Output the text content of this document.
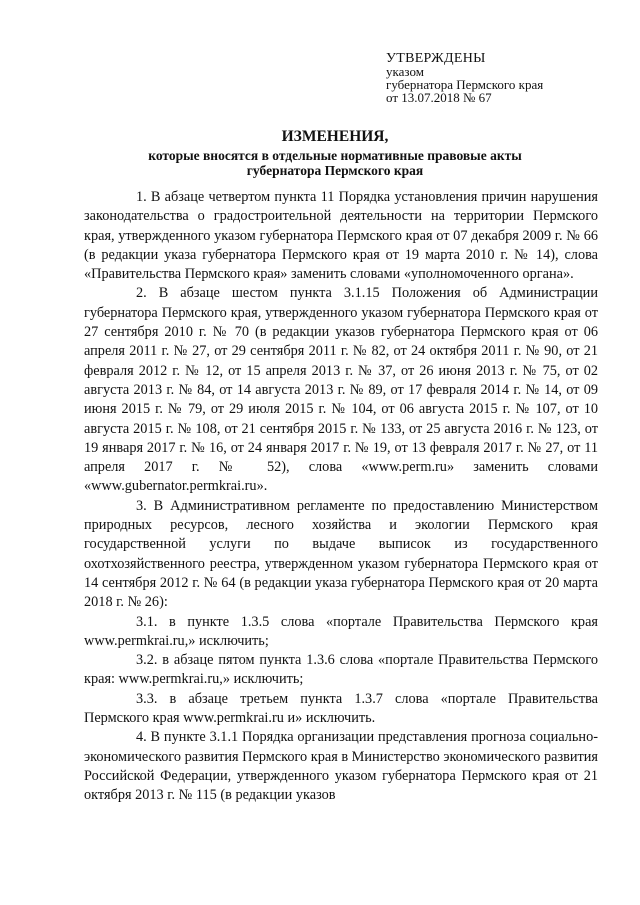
УТВЕРЖДЕНЫ
указом
губернатора Пермского края
от 13.07.2018 № 67
ИЗМЕНЕНИЯ,
которые вносятся в отдельные нормативные правовые акты
губернатора Пермского края

1. В абзаце четвертом пункта 11 Порядка установления причин нарушения законодательства о градостроительной деятельности на территории Пермского края, утвержденного указом губернатора Пермского края от 07 декабря 2009 г. № 66 (в редакции указа губернатора Пермского края от 19 марта 2010 г. № 14), слова «Правительства Пермского края» заменить словами «уполномоченного органа».

2. В абзаце шестом пункта 3.1.15 Положения об Администрации губернатора Пермского края, утвержденного указом губернатора Пермского края от 27 сентября 2010 г. № 70 (в редакции указов губернатора Пермского края от 06 апреля 2011 г. № 27, от 29 сентября 2011 г. № 82, от 24 октября 2011 г. № 90, от 21 февраля 2012 г. № 12, от 15 апреля 2013 г. № 37, от 26 июня 2013 г. № 75, от 02 августа 2013 г. № 84, от 14 августа 2013 г. № 89, от 17 февраля 2014 г. № 14, от 09 июня 2015 г. № 79, от 29 июля 2015 г. № 104, от 06 августа 2015 г. № 107, от 10 августа 2015 г. № 108, от 21 сентября 2015 г. № 133, от 25 августа 2016 г. № 123, от 19 января 2017 г. № 16, от 24 января 2017 г. № 19, от 13 февраля 2017 г. № 27, от 11 апреля 2017 г. № 52), слова «www.perm.ru» заменить словами «www.gubernator.permkrai.ru».

3. В Административном регламенте по предоставлению Министерством природных ресурсов, лесного хозяйства и экологии Пермского края государственной услуги по выдаче выписок из государственного охотхозяйственного реестра, утвержденном указом губернатора Пермского края от 14 сентября 2012 г. № 64 (в редакции указа губернатора Пермского края от 20 марта 2018 г. № 26):

3.1. в пункте 1.3.5 слова «портале Правительства Пермского края www.permkrai.ru,» исключить;

3.2. в абзаце пятом пункта 1.3.6 слова «портале Правительства Пермского края: www.permkrai.ru,» исключить;

3.3. в абзаце третьем пункта 1.3.7 слова «портале Правительства Пермского края www.permkrai.ru и» исключить.

4. В пункте 3.1.1 Порядка организации представления прогноза социально-экономического развития Пермского края в Министерство экономического развития Российской Федерации, утвержденного указом губернатора Пермского края от 21 октября 2013 г. № 115 (в редакции указов
